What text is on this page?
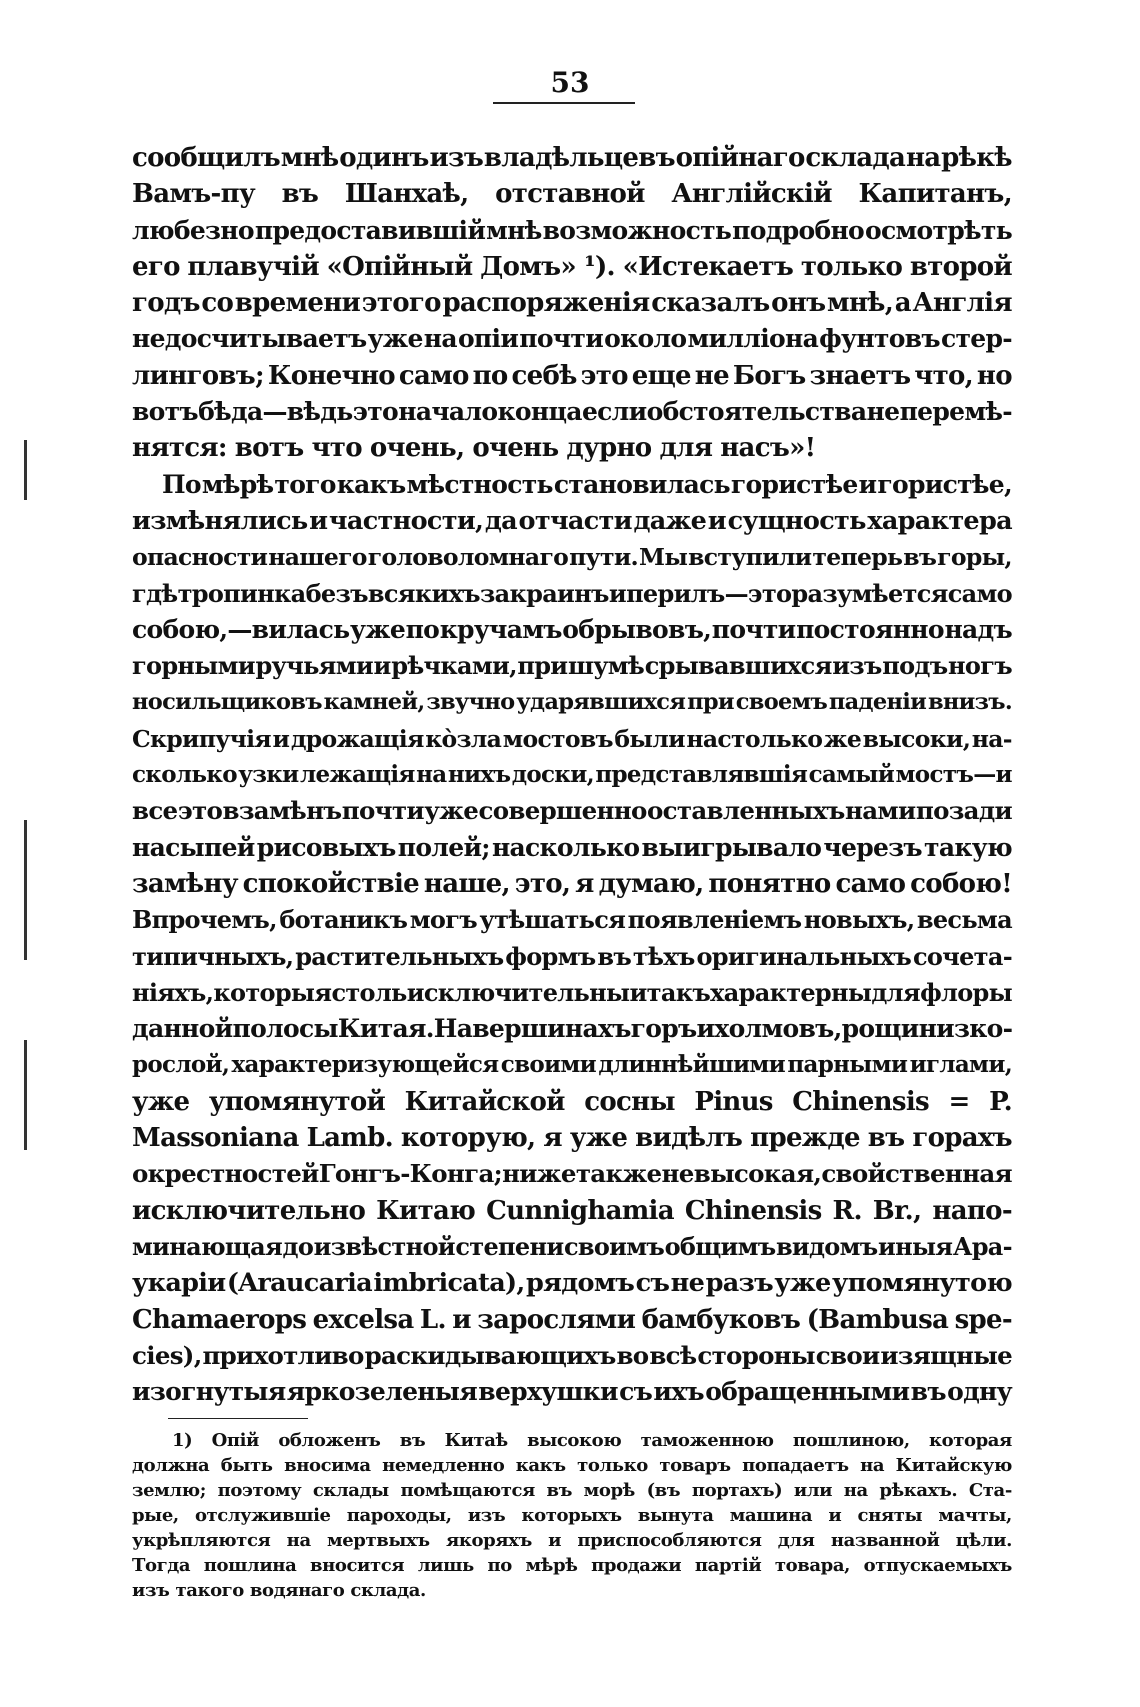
53
сообщилъ мнѣ одинъ изъ владѣльцевъ опiйнаго склада на рѣкѣ
Вамъ-пу въ Шанхаѣ, отставной Англійскій Капитанъ,
любезно предоставившій мнѣ возможность подробно осмотрѣть
его плавучій «Опійный Домъ» ¹). «Истекаетъ только второй
годъ со времени этого распоряженія сказалъ онъ мнѣ, а Англія
недосчитываетъ уже на опiи почти около милліона фунтовъ стер-
линговъ; Конечно само по себѣ это еще не Богъ знаетъ что, но
вотъ бѣда—вѣдь это начало конца если обстоятельства не перемѣ-
нятся: вотъ что очень, очень дурно для насъ»!
По мѣрѣ того какъ мѣстность становилась гористѣе и гористѣе,
измѣнялись и частности, да отчасти даже и сущность характера
опасности нашего головоломнаго пути. Мы вступили теперь въ горы,
гдѣ тропинка безъ всякихъ закраинъ и перилъ—это разумѣется само
собою,—вилась уже по кручамъ обрывовъ, почти постоянно надъ
горными ручьями и рѣчками, при шумѣ срывавшихся изъ подъ ногъ
носильщиковъ камней, звучно ударявшихся при своемъ паденiи внизъ.
Скрипучія и дрожащія кòзла мостовъ были настолько же высоки, на-
сколько узки лежащія на нихъ доски, представлявшія самый мостъ—и
все это взамѣнъ почти уже совершенно оставленныхъ нами позади
насыпей рисовыхъ полей; насколько выигрывало черезъ такую
замѣну спокойствіе наше, это, я думаю, понятно само собою!
Впрочемъ, ботаникъ могъ утѣшаться появленіемъ новыхъ, весьма
типичныхъ, растительныхъ формъ въ тѣхъ оригинальныхъ сочета-
ніяхъ, которыя столь исключительны и такъ характерны для флоры
данной полосы Китая. На вершинахъ горъ и холмовъ, рощи низко-
рослой, характеризующейся своими длиннѣйшими парными иглами,
уже упомянутой Китайской сосны Pinus Chinensis = P.
Massoniana Lamb. которую, я уже видѣлъ прежде въ горахъ
окрестностей Гонгъ-Конга; ниже также не высокая, свойственная
исключительно Китаю Cunnighamia Chinensis R. Br., напо-
минающая до извѣстной степени своимъ общимъ видомъ иныя Ара-
укаріи (Araucaria imbricata), рядомъ съ не разъ уже упомянутою
Chamaerops excelsa L. и зарослями бамбуковъ (Bambusa spe-
cies), прихотливо раскидывающихъ во всѣ стороны свои изящные
изогнутыя яркозеленыя верхушки съ ихъ обращенными въ одну
1) Опій обложенъ въ Китаѣ высокою таможенною пошлиною, которая
должна быть вносима немедленно какъ только товаръ попадаетъ на Китайскую
землю; поэтому склады помѣщаются въ морѣ (въ портахъ) или на рѣкахъ. Ста-
рые, отслужившіе пароходы, изъ которыхъ вынута машина и сняты мачты,
укрѣпляются на мертвыхъ якоряхъ и приспособляются для названной цѣли.
Тогда пошлина вносится лишь по мѣрѣ продажи партій товара, отпускаемыхъ
изъ такого водянаго склада.
